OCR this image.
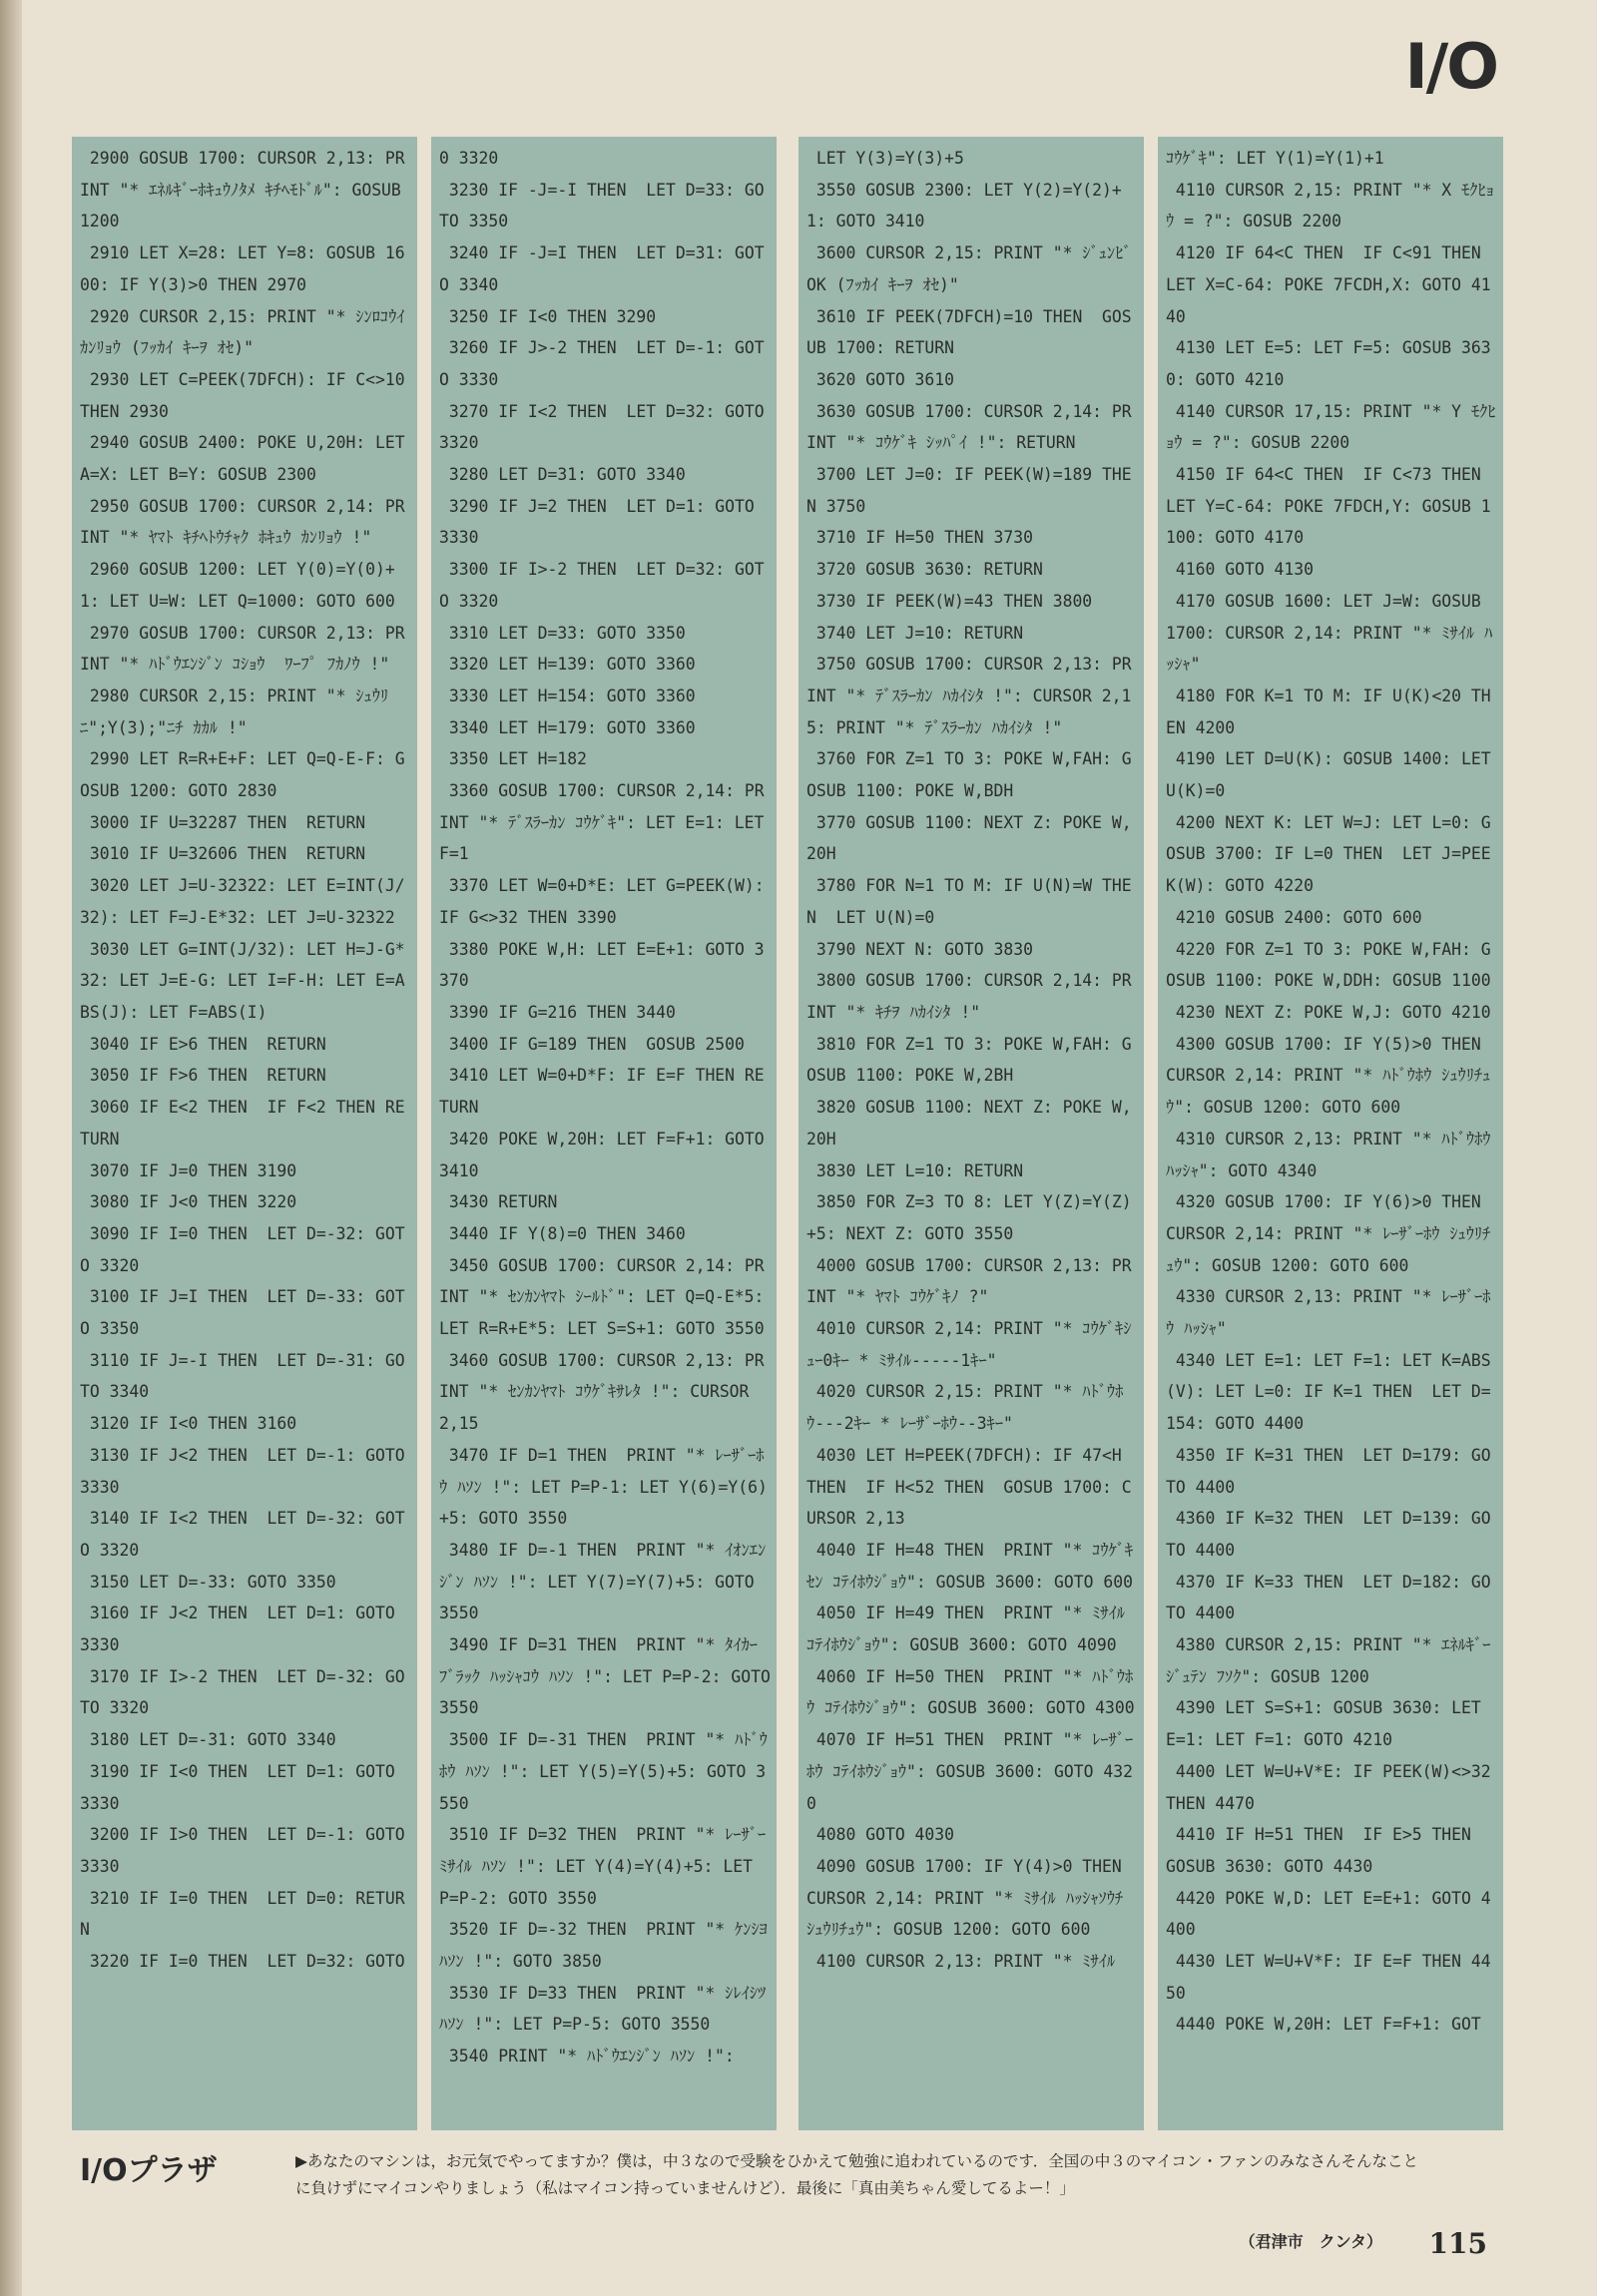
I/O
2900 GOSUB 1700: CURSOR 2,13: PRINT "* ｴﾈﾙｷﾞｰﾎｷｭｳﾉﾀﾒ ｷﾁﾍﾓﾄﾞﾙ": GOSUB 1200
2910 LET X=28: LET Y=8: GOSUB 1600: IF Y(3)>0 THEN 2970
2920 CURSOR 2,15: PRINT "* ｼﾝﾛｺｳｲ ｶﾝﾘｮｳ (ﾌｯｶｲ ｷｰｦ ｵｾ)"
2930 LET C=PEEK(7DFCH): IF C<>10 THEN 2930
2940 GOSUB 2400: POKE U,20H: LET A=X: LET B=Y: GOSUB 2300
2950 GOSUB 1700: CURSOR 2,14: PRINT "* ﾔﾏﾄ ｷﾁﾍﾄｳﾁｬｸ ﾎｷｭｳ ｶﾝﾘｮｳ !"
2960 GOSUB 1200: LET Y(0)=Y(0)+1: LET U=W: LET Q=1000: GOTO 600
2970 GOSUB 1700: CURSOR 2,13: PRINT "* ﾊﾄﾞｳｴﾝｼﾞﾝ ｺｼｮｳ  ﾜｰﾌﾟ ﾌｶﾉｳ !"
2980 CURSOR 2,15: PRINT "* ｼｭｳﾘﾆ";Y(3);"ﾆﾁ ｶｶﾙ !"
2990 LET R=R+E+F: LET Q=Q-E-F: GOSUB 1200: GOTO 2830
3000 IF U=32287 THEN  RETURN
3010 IF U=32606 THEN  RETURN
3020 LET J=U-32322: LET E=INT(J/32): LET F=J-E*32: LET J=U-32322
3030 LET G=INT(J/32): LET H=J-G*32: LET J=E-G: LET I=F-H: LET E=ABS(J): LET F=ABS(I)
3040 IF E>6 THEN  RETURN
3050 IF F>6 THEN  RETURN
3060 IF E<2 THEN  IF F<2 THEN RETURN
3070 IF J=0 THEN 3190
3080 IF J<0 THEN 3220
3090 IF I=0 THEN  LET D=-32: GOTO 3320
3100 IF J=I THEN  LET D=-33: GOTO 3350
3110 IF J=-I THEN  LET D=-31: GOTO 3340
3120 IF I<0 THEN 3160
3130 IF J<2 THEN  LET D=-1: GOTO 3330
3140 IF I<2 THEN  LET D=-32: GOTO 3320
3150 LET D=-33: GOTO 3350
3160 IF J<2 THEN  LET D=1: GOTO 3330
3170 IF I>-2 THEN  LET D=-32: GOTO 3320
3180 LET D=-31: GOTO 3340
3190 IF I<0 THEN  LET D=1: GOTO 3330
3200 IF I>0 THEN  LET D=-1: GOTO 3330
3210 IF I=0 THEN  LET D=0: RETURN
3220 IF I=0 THEN  LET D=32: GOTO
0 3320
3230 IF -J=-I THEN  LET D=33: GOTO 3350
3240 IF -J=I THEN  LET D=31: GOTO 3340
3250 IF I<0 THEN 3290
3260 IF J>-2 THEN  LET D=-1: GOTO 3330
3270 IF I<2 THEN  LET D=32: GOTO 3320
3280 LET D=31: GOTO 3340
3290 IF J=2 THEN  LET D=1: GOTO 3330
3300 IF I>-2 THEN  LET D=32: GOTO 3320
3310 LET D=33: GOTO 3350
3320 LET H=139: GOTO 3360
3330 LET H=154: GOTO 3360
3340 LET H=179: GOTO 3360
3350 LET H=182
3360 GOSUB 1700: CURSOR 2,14: PRINT "* ﾃﾞｽﾗｰｶﾝ ｺｳｹﾞｷ": LET E=1: LET F=1
3370 LET W=0+D*E: LET G=PEEK(W): IF G<>32 THEN 3390
3380 POKE W,H: LET E=E+1: GOTO 3370
3390 IF G=216 THEN 3440
3400 IF G=189 THEN  GOSUB 2500
3410 LET W=0+D*F: IF E=F THEN RETURN
3420 POKE W,20H: LET F=F+1: GOTO 3410
3430 RETURN
3440 IF Y(8)=0 THEN 3460
3450 GOSUB 1700: CURSOR 2,14: PRINT "* ｾﾝｶﾝﾔﾏﾄ ｼｰﾙﾄﾞ": LET Q=Q-E*5: LET R=R+E*5: LET S=S+1: GOTO 3550
3460 GOSUB 1700: CURSOR 2,13: PRINT "* ｾﾝｶﾝﾔﾏﾄ ｺｳｹﾞｷｻﾚﾀ !": CURSOR 2,15
3470 IF D=1 THEN  PRINT "* ﾚｰｻﾞｰﾎｳ ﾊｿﾝ !": LET P=P-1: LET Y(6)=Y(6)+5: GOTO 3550
3480 IF D=-1 THEN  PRINT "* ｲｵﾝｴﾝｼﾞﾝ ﾊｿﾝ !": LET Y(7)=Y(7)+5: GOTO 3550
3490 IF D=31 THEN  PRINT "* ﾀｲｶｰﾌﾞﾗｯｸ ﾊｯｼｬｺｳ ﾊｿﾝ !": LET P=P-2: GOTO 3550
3500 IF D=-31 THEN  PRINT "* ﾊﾄﾞｳﾎｳ ﾊｿﾝ !": LET Y(5)=Y(5)+5: GOTO 3550
3510 IF D=32 THEN  PRINT "* ﾚｰｻﾞｰ ﾐｻｲﾙ ﾊｿﾝ !": LET Y(4)=Y(4)+5: LET P=P-2: GOTO 3550
3520 IF D=-32 THEN  PRINT "* ｹﾝｼﾖ ﾊｿﾝ !": GOTO 3850
3530 IF D=33 THEN  PRINT "* ｼﾚｲｼﾂ ﾊｿﾝ !": LET P=P-5: GOTO 3550
3540 PRINT "* ﾊﾄﾞｳｴﾝｼﾞﾝ ﾊｿﾝ !":
LET Y(3)=Y(3)+5
3550 GOSUB 2300: LET Y(2)=Y(2)+1: GOTO 3410
3600 CURSOR 2,15: PRINT "* ｼﾞｭﾝﾋﾞ OK (ﾌｯｶｲ ｷｰｦ ｵｾ)"
3610 IF PEEK(7DFCH)=10 THEN  GOSUB 1700: RETURN
3620 GOTO 3610
3630 GOSUB 1700: CURSOR 2,14: PRINT "* ｺｳｹﾞｷ ｼｯﾊﾟｲ !": RETURN
3700 LET J=0: IF PEEK(W)=189 THEN 3750
3710 IF H=50 THEN 3730
3720 GOSUB 3630: RETURN
3730 IF PEEK(W)=43 THEN 3800
3740 LET J=10: RETURN
3750 GOSUB 1700: CURSOR 2,13: PRINT "* ﾃﾞｽﾗｰｶﾝ ﾊｶｲｼﾀ !": CURSOR 2,15: PRINT "* ﾃﾞｽﾗｰｶﾝ ﾊｶｲｼﾀ !"
3760 FOR Z=1 TO 3: POKE W,FAH: GOSUB 1100: POKE W,BDH
3770 GOSUB 1100: NEXT Z: POKE W,20H
3780 FOR N=1 TO M: IF U(N)=W THEN  LET U(N)=0
3790 NEXT N: GOTO 3830
3800 GOSUB 1700: CURSOR 2,14: PRINT "* ｷﾁｦ ﾊｶｲｼﾀ !"
3810 FOR Z=1 TO 3: POKE W,FAH: GOSUB 1100: POKE W,2BH
3820 GOSUB 1100: NEXT Z: POKE W,20H
3830 LET L=10: RETURN
3850 FOR Z=3 TO 8: LET Y(Z)=Y(Z)+5: NEXT Z: GOTO 3550
4000 GOSUB 1700: CURSOR 2,13: PRINT "* ﾔﾏﾄ ｺｳｹﾞｷﾉ ?"
4010 CURSOR 2,14: PRINT "* ｺｳｹﾞｷｼｭｰ0ｷｰ * ﾐｻｲﾙ-----1ｷｰ"
4020 CURSOR 2,15: PRINT "* ﾊﾄﾞｳﾎｳ---2ｷｰ * ﾚｰｻﾞｰﾎｳ--3ｷｰ"
4030 LET H=PEEK(7DFCH): IF 47<H THEN  IF H<52 THEN  GOSUB 1700: CURSOR 2,13
4040 IF H=48 THEN  PRINT "* ｺｳｹﾞｷｾﾝ ｺﾃｲﾎｳｼﾞｮｳ": GOSUB 3600: GOTO 600
4050 IF H=49 THEN  PRINT "* ﾐｻｲﾙ ｺﾃｲﾎｳｼﾞｮｳ": GOSUB 3600: GOTO 4090
4060 IF H=50 THEN  PRINT "* ﾊﾄﾞｳﾎｳ ｺﾃｲﾎｳｼﾞｮｳ": GOSUB 3600: GOTO 4300
4070 IF H=51 THEN  PRINT "* ﾚｰｻﾞｰﾎｳ ｺﾃｲﾎｳｼﾞｮｳ": GOSUB 3600: GOTO 4320
4080 GOTO 4030
4090 GOSUB 1700: IF Y(4)>0 THEN  CURSOR 2,14: PRINT "* ﾐｻｲﾙ ﾊｯｼｬｿｳﾁ ｼｭｳﾘﾁｭｳ": GOSUB 1200: GOTO 600
4100 CURSOR 2,13: PRINT "* ﾐｻｲﾙ
ｺｳｹﾞｷ": LET Y(1)=Y(1)+1
4110 CURSOR 2,15: PRINT "* X ﾓｸﾋｮｳ = ?": GOSUB 2200
4120 IF 64<C THEN  IF C<91 THEN  LET X=C-64: POKE 7FCDH,X: GOTO 4140
4130 LET E=5: LET F=5: GOSUB 3630: GOTO 4210
4140 CURSOR 17,15: PRINT "* Y ﾓｸﾋｮｳ = ?": GOSUB 2200
4150 IF 64<C THEN  IF C<73 THEN  LET Y=C-64: POKE 7FDCH,Y: GOSUB 1100: GOTO 4170
4160 GOTO 4130
4170 GOSUB 1600: LET J=W: GOSUB 1700: CURSOR 2,14: PRINT "* ﾐｻｲﾙ ﾊｯｼｬ"
4180 FOR K=1 TO M: IF U(K)<20 THEN 4200
4190 LET D=U(K): GOSUB 1400: LET U(K)=0
4200 NEXT K: LET W=J: LET L=0: GOSUB 3700: IF L=0 THEN  LET J=PEEK(W): GOTO 4220
4210 GOSUB 2400: GOTO 600
4220 FOR Z=1 TO 3: POKE W,FAH: GOSUB 1100: POKE W,DDH: GOSUB 1100
4230 NEXT Z: POKE W,J: GOTO 4210
4300 GOSUB 1700: IF Y(5)>0 THEN  CURSOR 2,14: PRINT "* ﾊﾄﾞｳﾎｳ ｼｭｳﾘﾁｭｳ": GOSUB 1200: GOTO 600
4310 CURSOR 2,13: PRINT "* ﾊﾄﾞｳﾎｳ ﾊｯｼｬ": GOTO 4340
4320 GOSUB 1700: IF Y(6)>0 THEN  CURSOR 2,14: PRINT "* ﾚｰｻﾞｰﾎｳ ｼｭｳﾘﾁｭｳ": GOSUB 1200: GOTO 600
4330 CURSOR 2,13: PRINT "* ﾚｰｻﾞｰﾎｳ ﾊｯｼｬ"
4340 LET E=1: LET F=1: LET K=ABS(V): LET L=0: IF K=1 THEN  LET D=154: GOTO 4400
4350 IF K=31 THEN  LET D=179: GOTO 4400
4360 IF K=32 THEN  LET D=139: GOTO 4400
4370 IF K=33 THEN  LET D=182: GOTO 4400
4380 CURSOR 2,15: PRINT "* ｴﾈﾙｷﾞｰｼﾞｭﾃﾝ ﾌｿｸ": GOSUB 1200
4390 LET S=S+1: GOSUB 3630: LET E=1: LET F=1: GOTO 4210
4400 LET W=U+V*E: IF PEEK(W)<>32 THEN 4470
4410 IF H=51 THEN  IF E>5 THEN  GOSUB 3630: GOTO 4430
4420 POKE W,D: LET E=E+1: GOTO 4400
4430 LET W=U+V*F: IF E=F THEN 4450
4440 POKE W,20H: LET F=F+1: GOT
I/Oプラザ	▶あなたのマシンは，お元気でやってますか？僕は，中３なので受験をひかえて勉強に追われているのです．全国の中３のマイコン・ファンのみなさんそんなことに負けずにマイコンやりましょう（私はマイコン持っていませんけど）．最後に「真由美ちゃん愛してるよー！」
（君津市　クンタ） 115
